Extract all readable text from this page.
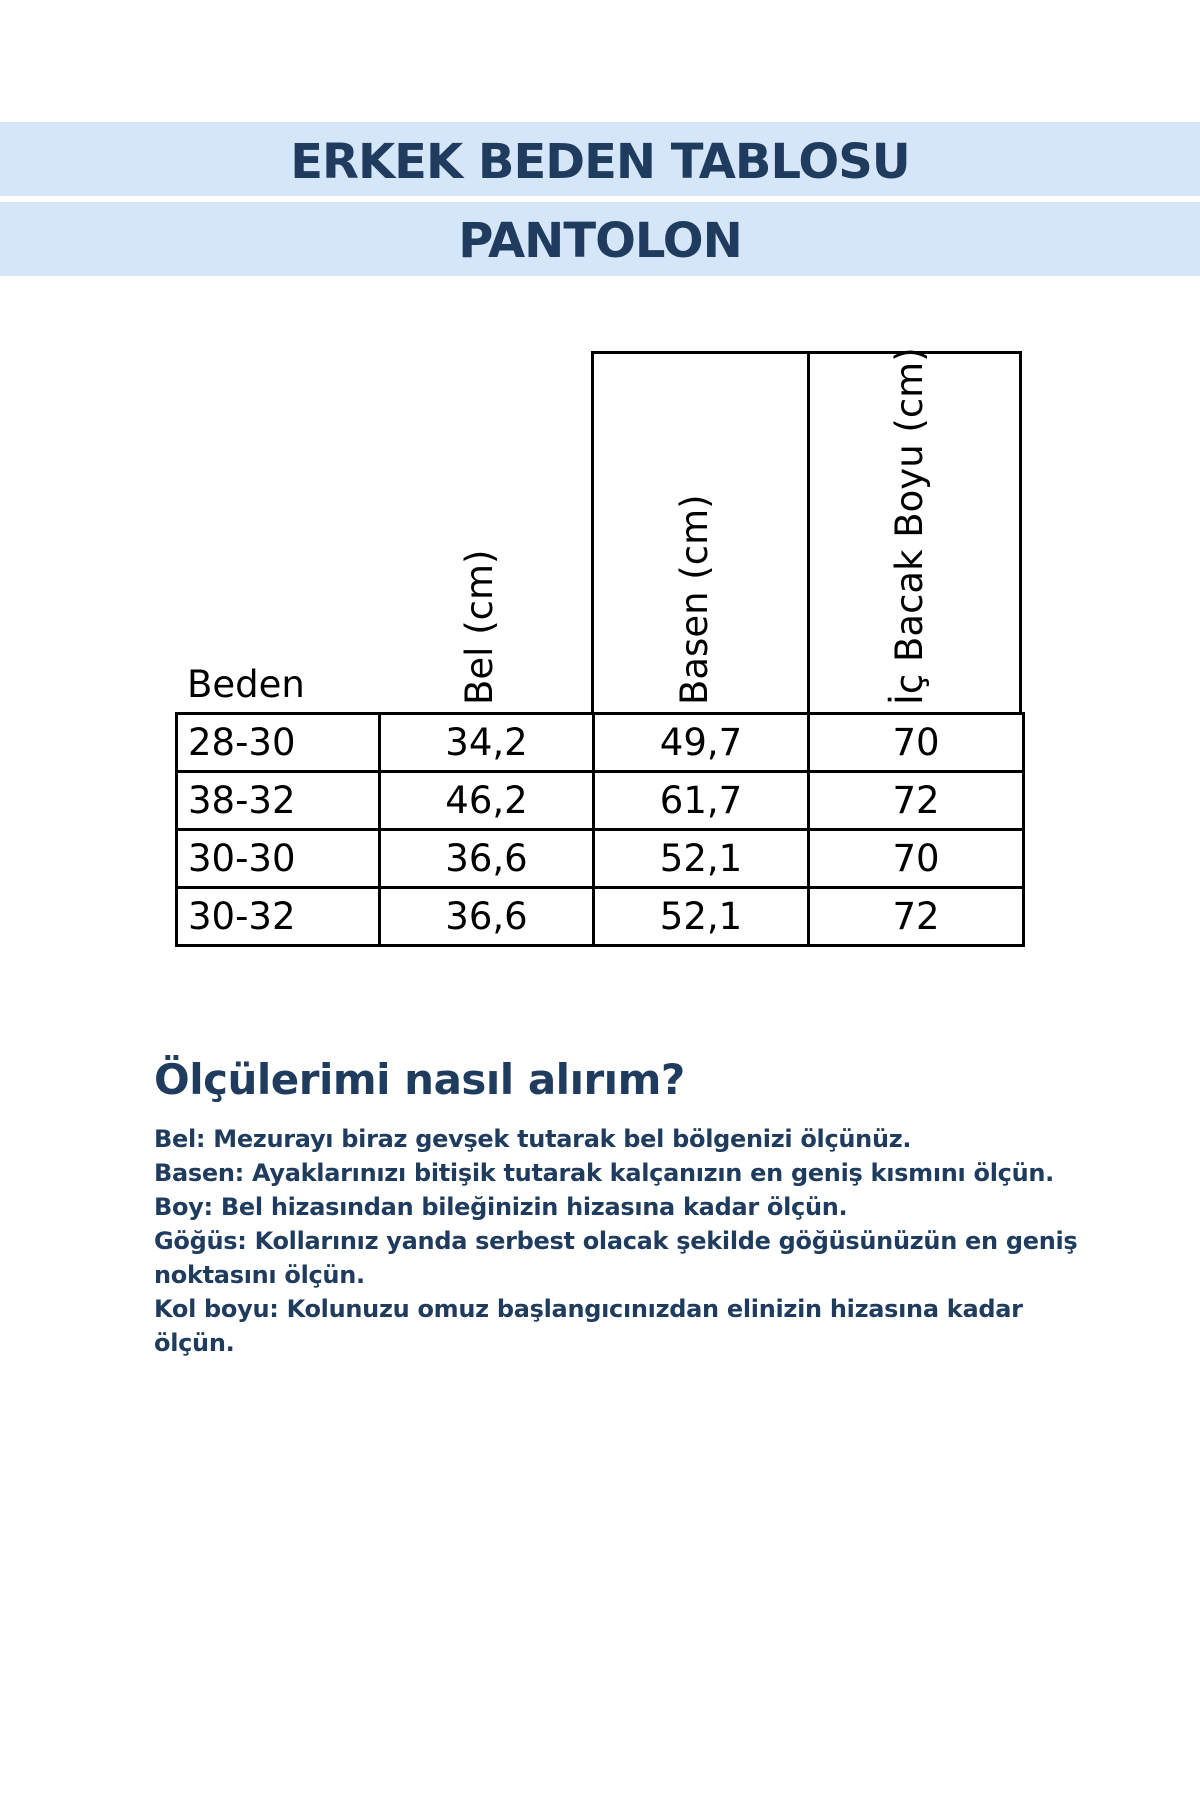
ERKEK BEDEN TABLOSU
PANTOLON
Beden	Bel (cm)	Basen (cm)	İç Bacak Boyu (cm)
28-30	34,2	49,7	70
38-32	46,2	61,7	72
30-30	36,6	52,1	70
30-32	36,6	52,1	72
Ölçülerimi nasıl alırım?

Bel: Mezurayı biraz gevşek tutarak bel bölgenizi ölçünüz.

Basen: Ayaklarınızı bitişik tutarak kalçanızın en geniş kısmını ölçün.

Boy: Bel hizasından bileğinizin hizasına kadar ölçün.

Göğüs: Kollarınız yanda serbest olacak şekilde göğüsünüzün en geniş noktasını ölçün.

Kol boyu: Kolunuzu omuz başlangıcınızdan elinizin hizasına kadar ölçün.
